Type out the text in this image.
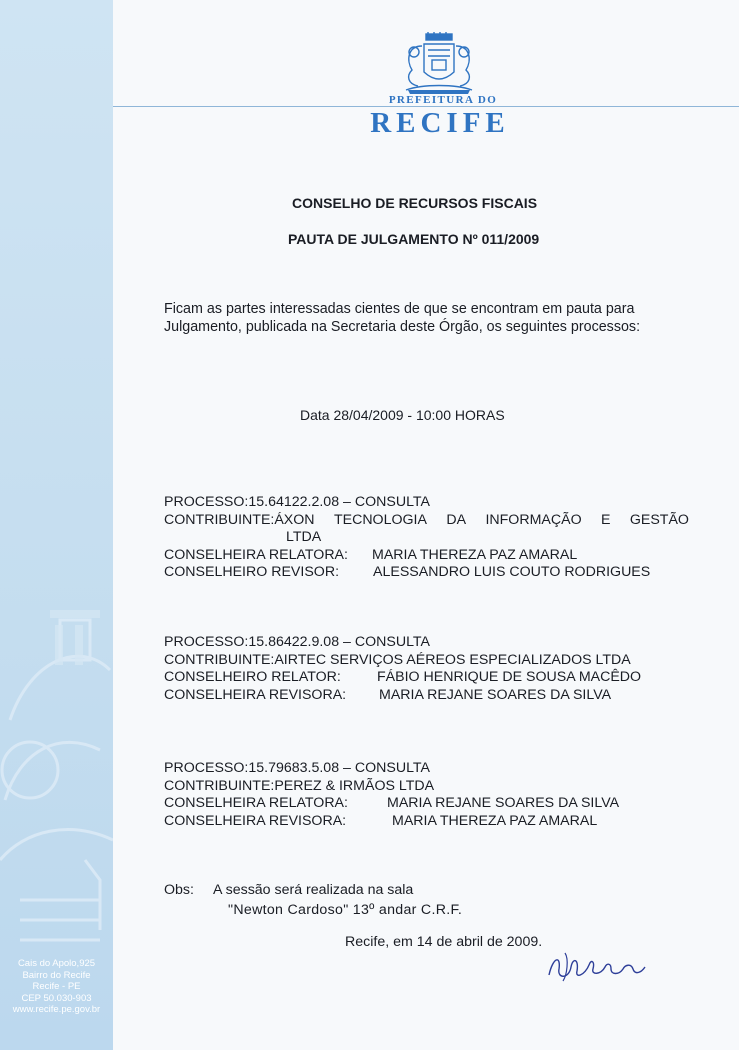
Cais do Apolo,925
Bairro do Recife
Recife - PE
CEP 50.030-903
www.recife.pe.gov.br
PREFEITURA DO
RECIFE
CONSELHO DE RECURSOS FISCAIS
PAUTA DE JULGAMENTO Nº 011/2009
Ficam as partes interessadas cientes de que se encontram em pauta para
Julgamento, publicada na Secretaria deste Órgão, os seguintes processos:
Data 28/04/2009 - 10:00 HORAS
PROCESSO:15.64122.2.08 – CONSULTA
CONTRIBUINTE:ÁXON TECNOLOGIA DA INFORMAÇÃO E GESTÃO
LTDA
CONSELHEIRA RELATORA: MARIA THEREZA PAZ AMARAL
CONSELHEIRO REVISOR: ALESSANDRO LUIS COUTO RODRIGUES
PROCESSO:15.86422.9.08 – CONSULTA
CONTRIBUINTE:AIRTEC SERVIÇOS AÉREOS ESPECIALIZADOS LTDA
CONSELHEIRO RELATOR:	FÁBIO HENRIQUE DE SOUSA MACÊDO
CONSELHEIRA REVISORA: MARIA REJANE SOARES DA SILVA
PROCESSO:15.79683.5.08 – CONSULTA
CONTRIBUINTE:PEREZ & IRMÃOS LTDA
CONSELHEIRA RELATORA:	MARIA REJANE SOARES DA SILVA
CONSELHEIRA REVISORA:	MARIA THEREZA PAZ AMARAL
Obs: A sessão será realizada na sala
"Newton Cardoso" 13º andar C.R.F.
Recife, em 14 de abril de 2009.
